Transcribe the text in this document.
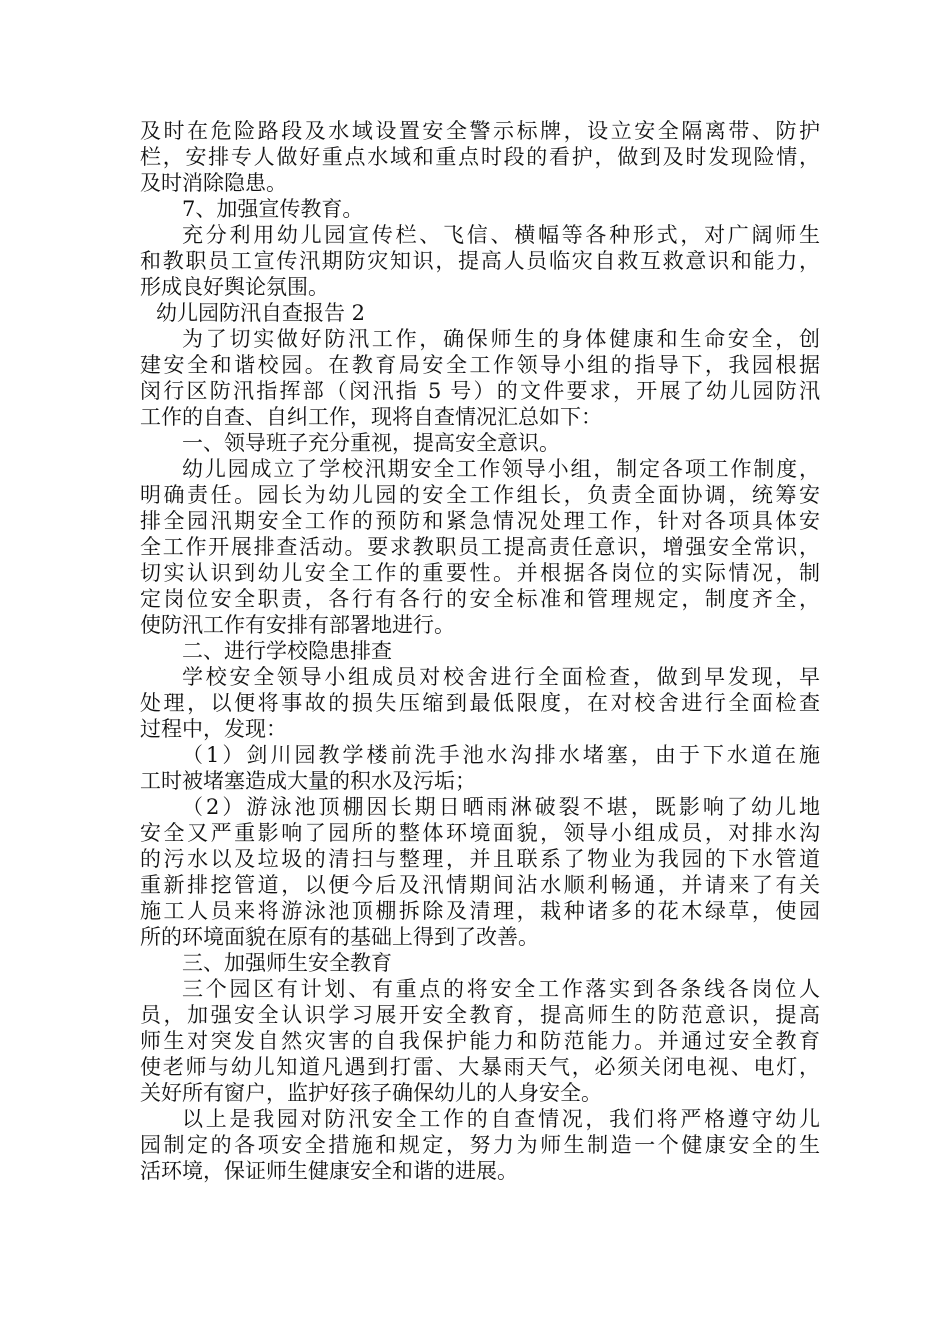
及时在危险路段及水域设置安全警示标牌，设立安全隔离带、防护
栏，安排专人做好重点水域和重点时段的看护，做到及时发现险情，
及时消除隐患。
7、加强宣传教育。
充分利用幼儿园宣传栏、飞信、横幅等各种形式，对广阔师生
和教职员工宣传汛期防灾知识，提高人员临灾自救互救意识和能力，
形成良好舆论氛围。
幼儿园防汛自查报告 2
为了切实做好防汛工作，确保师生的身体健康和生命安全，创
建安全和谐校园。在教育局安全工作领导小组的指导下，我园根据
闵行区防汛指挥部（闵汛指 5 号）的文件要求，开展了幼儿园防汛
工作的自查、自纠工作，现将自查情况汇总如下：
一、领导班子充分重视，提高安全意识。
幼儿园成立了学校汛期安全工作领导小组，制定各项工作制度，
明确责任。园长为幼儿园的安全工作组长，负责全面协调，统筹安
排全园汛期安全工作的预防和紧急情况处理工作，针对各项具体安
全工作开展排查活动。要求教职员工提高责任意识，增强安全常识，
切实认识到幼儿安全工作的重要性。并根据各岗位的实际情况，制
定岗位安全职责，各行有各行的安全标准和管理规定，制度齐全，
使防汛工作有安排有部署地进行。
二、进行学校隐患排查
学校安全领导小组成员对校舍进行全面检查，做到早发现，早
处理，以便将事故的损失压缩到最低限度，在对校舍进行全面检查
过程中，发现：
（1）剑川园教学楼前洗手池水沟排水堵塞，由于下水道在施
工时被堵塞造成大量的积水及污垢；
（2）游泳池顶棚因长期日晒雨淋破裂不堪，既影响了幼儿地
安全又严重影响了园所的整体环境面貌，领导小组成员，对排水沟
的污水以及垃圾的清扫与整理，并且联系了物业为我园的下水管道
重新排挖管道，以便今后及汛情期间沾水顺利畅通，并请来了有关
施工人员来将游泳池顶棚拆除及清理，栽种诸多的花木绿草，使园
所的环境面貌在原有的基础上得到了改善。
三、加强师生安全教育
三个园区有计划、有重点的将安全工作落实到各条线各岗位人
员，加强安全认识学习展开安全教育，提高师生的防范意识，提高
师生对突发自然灾害的自我保护能力和防范能力。并通过安全教育
使老师与幼儿知道凡遇到打雷、大暴雨天气，必须关闭电视、电灯，
关好所有窗户，监护好孩子确保幼儿的人身安全。
以上是我园对防汛安全工作的自查情况，我们将严格遵守幼儿
园制定的各项安全措施和规定，努力为师生制造一个健康安全的生
活环境，保证师生健康安全和谐的进展。
